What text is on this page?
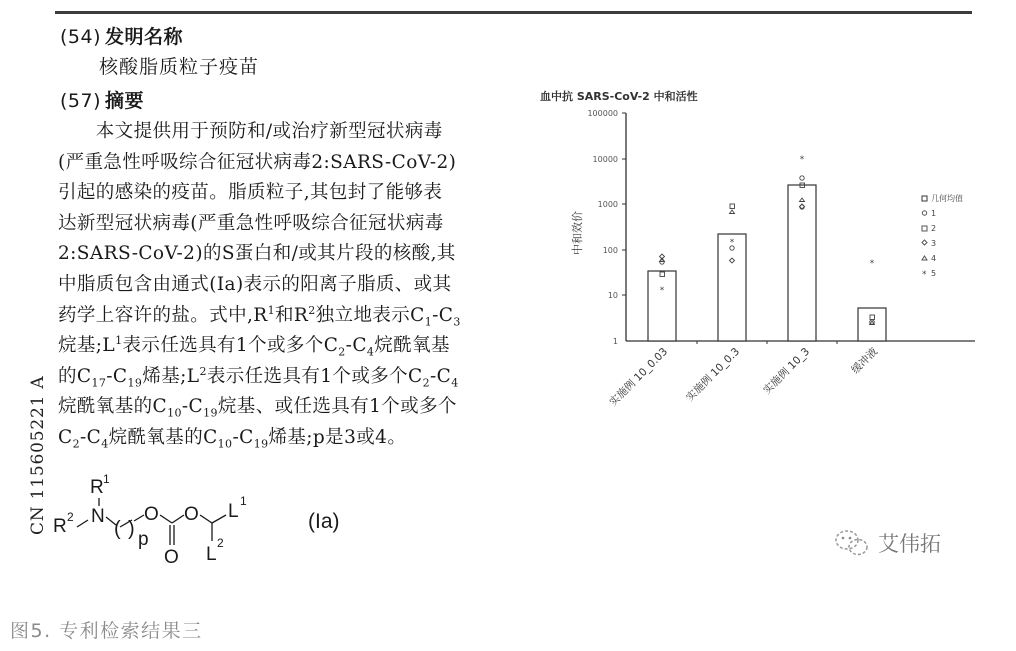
(54) 发明名称
核酸脂质粒子疫苗
(57) 摘要

　　本文提供用于预防和/或治疗新型冠状病毒

(严重急性呼吸综合征冠状病毒2:SARS-CoV-2)

引起的感染的疫苗。脂质粒子,其包封了能够表

达新型冠状病毒(严重急性呼吸综合征冠状病毒

2:SARS-CoV-2)的S蛋白和/或其片段的核酸,其

中脂质包含由通式(Ia)表示的阳离子脂质、或其

药学上容许的盐。式中$,R^1$和$R^2$独立地表示$C_1-C_3$

烷基$;L^1$表示任选具有1个或多个$C_2-C_4$烷酰氧基

的$C_{17}-C_{19}$烯基$;L^2$表示任选具有1个或多个$C_2-C_4$

烷酰氧基的$C_{10}-C_{19}$烷基、或任选具有1个或多个

$C_2-C_4$烷酰氧基的$C_{10}-C_{19}$烯基;p是3或4。

CN 115605221 A R 1
N
R 2
( ) p
O
O
O L 1
L
2
(Ia)
血中抗 SARS-CoV-2 中和活性
100000
10000
1000
100
10
1
中和效价
*
*
*
*
实施例 10_0.03 实施例 10_0.3 实施例 10_3	缓冲液
几何均值
1
2
3
4
* 5
艾伟拓
图5. 专利检索结果三
